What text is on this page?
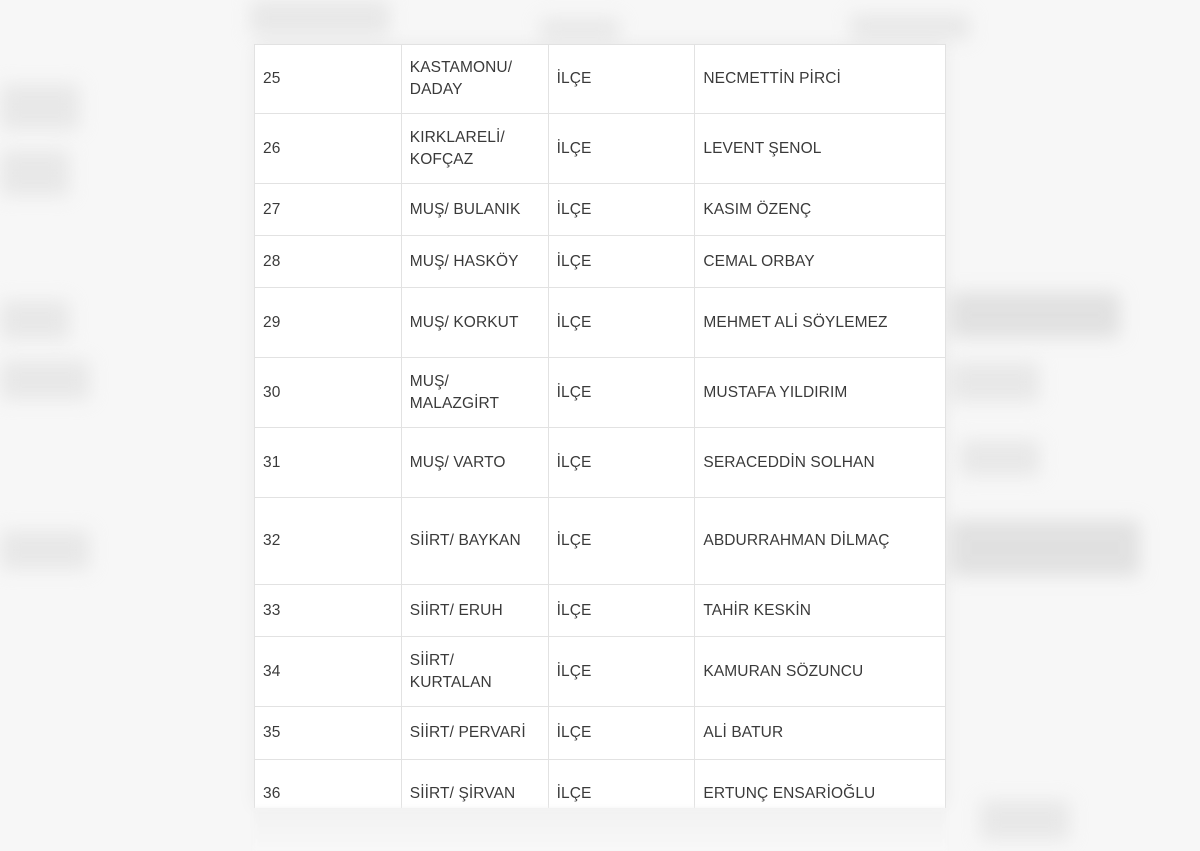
25	KASTAMONU/ DADAY	İLÇE	NECMETTİN PİRCİ
26	KIRKLARELİ/ KOFÇAZ	İLÇE	LEVENT ŞENOL
27	MUŞ/ BULANIK	İLÇE	KASIM ÖZENÇ
28	MUŞ/ HASKÖY	İLÇE	CEMAL ORBAY
29	MUŞ/ KORKUT	İLÇE	MEHMET ALİ SÖYLEMEZ
30	MUŞ/ MALAZGİRT	İLÇE	MUSTAFA YILDIRIM
31	MUŞ/ VARTO	İLÇE	SERACEDDİN SOLHAN
32	SİİRT/ BAYKAN	İLÇE	ABDURRAHMAN DİLMAÇ
33	SİİRT/ ERUH	İLÇE	TAHİR KESKİN
34	SİİRT/ KURTALAN	İLÇE	KAMURAN SÖZUNCU
35	SİİRT/ PERVARİ	İLÇE	ALİ BATUR
36	SİİRT/ ŞİRVAN	İLÇE	ERTUNÇ ENSARİOĞLU
